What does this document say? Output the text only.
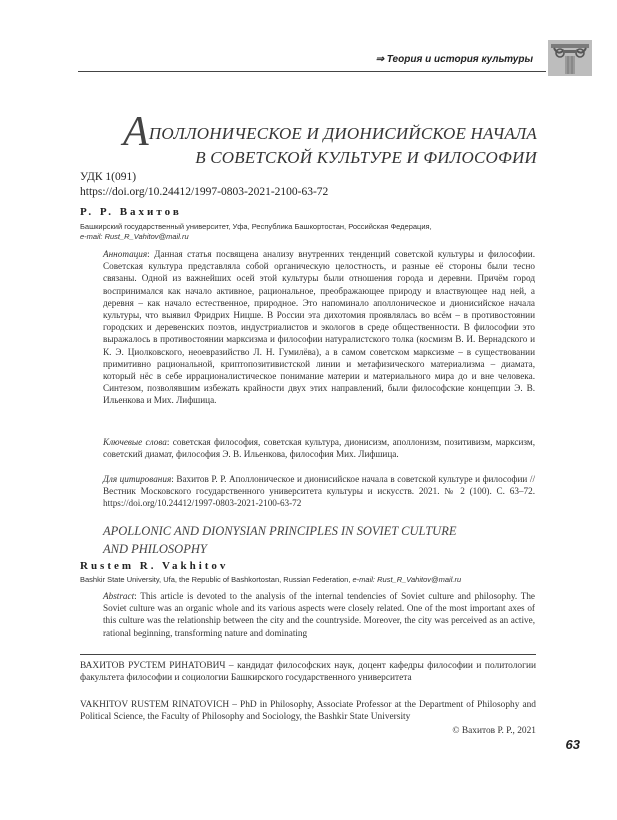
⇒ Теория и история культуры
АПОЛЛОНИЧЕСКОЕ И ДИОНИСИЙСКОЕ НАЧАЛА
В СОВЕТСКОЙ КУЛЬТУРЕ И ФИЛОСОФИИ
УДК 1(091)
https://doi.org/10.24412/1997-0803-2021-2100-63-72
Р. Р. Вахитов
Башкирский государственный университет, Уфа, Республика Башкортостан, Российская Федерация,
e-mail: Rust_R_Vahitov@mail.ru
Аннотация: Данная статья посвящена анализу внутренних тенденций советской культуры и философии. Советская культура представляла собой органическую целостность, и разные её стороны были тесно связаны. Одной из важнейших осей этой культуры были отношения города и деревни. Причём город воспринимался как начало активное, рациональное, преображающее природу и властвующее над ней, а деревня – как начало естественное, природное. Это напоминало аполлоническое и дионисийское начала культуры, что выявил Фридрих Ницше. В России эта дихотомия проявлялась во всём – в противостоянии городских и деревенских поэтов, индустриалистов и экологов в среде общественности. В философии это выражалось в противостоянии марксизма и философии натуралистского толка (космизм В. И. Вернадского и К. Э. Циолковского, неоевразийство Л. Н. Гумилёва), а в самом советском марксизме – в существовании примитивно рациональной, криптопозитивистской линии и метафизического материализма – диамата, который нёс в себе иррационалистическое понимание материи и материального мира до и вне человека. Синтезом, позволявшим избежать крайности двух этих направлений, были философские концепции Э. В. Ильенкова и Мих. Лифшица.
Ключевые слова: советская философия, советская культура, дионисизм, аполлонизм, позитивизм, марксизм, советский диамат, философия Э. В. Ильенкова, философия Мих. Лифшица.
Для цитирования: Вахитов Р. Р. Аполлоническое и дионисийское начала в советской культуре и философии // Вестник Московского государственного университета культуры и искусств. 2021. № 2 (100). С. 63–72. https://doi.org/10.24412/1997-0803-2021-2100-63-72
APOLLONIC AND DIONYSIAN PRINCIPLES IN SOVIET CULTURE
AND PHILOSOPHY
Rustem R. Vakhitov
Bashkir State University, Ufa, the Republic of Bashkortostan, Russian Federation, e-mail: Rust_R_Vahitov@mail.ru
Abstract: This article is devoted to the analysis of the internal tendencies of Soviet culture and philosophy. The Soviet culture was an organic whole and its various aspects were closely related. One of the most important axes of this culture was the relationship between the city and the countryside. Moreover, the city was perceived as an active, rational beginning, transforming nature and dominating
ВАХИТОВ РУСТЕМ РИНАТОВИЧ – кандидат философских наук, доцент кафедры философии и политологии факультета философии и социологии Башкирского государственного университета
VAKHITOV RUSTEM RINATOVICH – PhD in Philosophy, Associate Professor at the Department of Philosophy and Political Science, the Faculty of Philosophy and Sociology, the Bashkir State University
© Вахитов Р. Р., 2021
63
